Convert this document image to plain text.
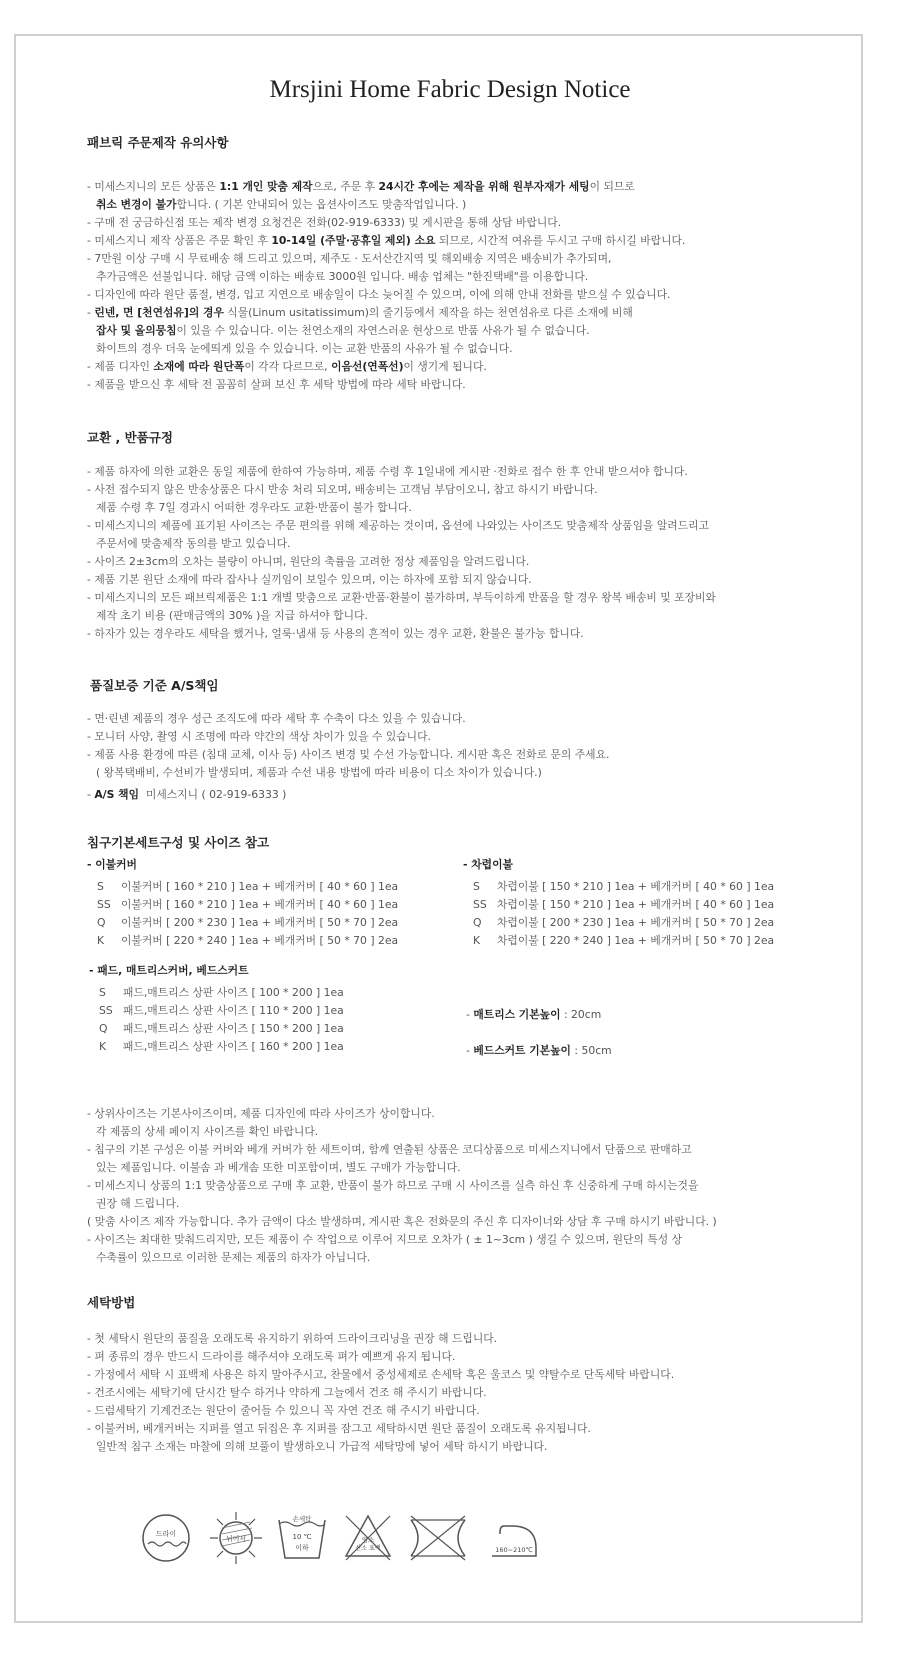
Mrsjini Home Fabric Design Notice
패브릭 주문제작 유의사항
- 미세스지니의 모든 상품은 1:1 개인 맞춤 제작으로, 주문 후 24시간 후에는 제작을 위해 원부자재가 세팅이 되므로
취소 변경이 불가합니다. ( 기본 안내되어 있는 옵션사이즈도 맞춤작업입니다. )
- 구매 전 궁금하신점 또는 제작 변경 요청건은 전화(02-919-6333) 및 게시판을 통해 상담 바랍니다.
- 미세스지니 제작 상품은 주문 확인 후 10-14일 (주말·공휴일 제외) 소요 되므로, 시간적 여유를 두시고 구매 하시길 바랍니다.
- 7만원 이상 구매 시 무료배송 해 드리고 있으며, 제주도 · 도서산간지역 및 해외배송 지역은 배송비가 추가되며,
추가금액은 선불입니다. 해당 금액 이하는 배송료 3000원 입니다. 배송 업체는 "한진택배"를 이용합니다.
- 디자인에 따라 원단 품절, 변경, 입고 지연으로 배송일이 다소 늦어질 수 있으며, 이에 의해 안내 전화를 받으실 수 있습니다.
- 린넨, 면 [천연섬유]의 경우 식물(Linum usitatissimum)의 줄기등에서 제작을 하는 천연섬유로 다른 소재에 비해
잡사 및 올의뭉침이 있을 수 있습니다. 이는 천연소재의 자연스러운 현상으로 반품 사유가 될 수 없습니다.
화이트의 경우 더욱 눈에띄게 있을 수 있습니다. 이는 교환 반품의 사유가 될 수 없습니다.
- 제품 디자인 소재에 따라 원단폭이 각각 다르므로, 이음선(연폭선)이 생기게 됩니다.
- 제품을 받으신 후 세탁 전 꼼꼼히 살펴 보신 후 세탁 방법에 따라 세탁 바랍니다.
교환 , 반품규정
- 제품 하자에 의한 교환은 동일 제품에 한하여 가능하며, 제품 수령 후 1일내에 게시판 ·전화로 접수 한 후 안내 받으셔야 합니다.
- 사전 접수되지 않은 반송상품은 다시 반송 처리 되오며, 배송비는 고객님 부담이오니, 참고 하시기 바랍니다.
제품 수령 후 7일 경과시 어떠한 경우라도 교환·반품이 불가 합니다.
- 미세스지니의 제품에 표기된 사이즈는 주문 편의를 위해 제공하는 것이며, 옵션에 나와있는 사이즈도 맞춤제작 상품임을 알려드리고
주문서에 맞춤제작 동의를 받고 있습니다.
- 사이즈 2±3cm의 오차는 불량이 아니며, 원단의 축률을 고려한 정상 제품임을 알려드립니다.
- 제품 기본 원단 소재에 따라 잡사나 실끼임이 보일수 있으며, 이는 하자에 포함 되지 않습니다.
- 미세스지니의 모든 패브릭제품은 1:1 개별 맞춤으로 교환·반품·환불이 불가하며, 부득이하게 반품을 할 경우 왕복 배송비 및 포장비와
제작 초기 비용 (판매금액의 30% )을 지급 하셔야 합니다.
- 하자가 있는 경우라도 세탁을 했거나, 얼룩·냄새 등 사용의 흔적이 있는 경우 교환, 환불은 불가능 합니다.
품질보증 기준 A/S책임
- 면·린넨 제품의 경우 성근 조직도에 따라 세탁 후 수축이 다소 있을 수 있습니다.
- 모니터 사양, 촬영 시 조명에 따라 약간의 색상 차이가 있을 수 있습니다.
- 제품 사용 환경에 따른 (침대 교체, 이사 등) 사이즈 변경 및 수선 가능합니다. 게시판 혹은 전화로 문의 주세요.
( 왕복택배비, 수선비가 발생되며, 제품과 수선 내용 방법에 따라 비용이 디소 차이가 있습니다.)
- A/S 책임 미세스지니 ( 02-919-6333 )
침구기본세트구성 및 사이즈 참고
- 이불커버
S 이불커버 [ 160 * 210 ] 1ea + 베개커버 [ 40 * 60 ] 1ea
SS 이불커버 [ 160 * 210 ] 1ea + 베개커버 [ 40 * 60 ] 1ea
Q 이불커버 [ 200 * 230 ] 1ea + 베개커버 [ 50 * 70 ] 2ea
K 이불커버 [ 220 * 240 ] 1ea + 베개커버 [ 50 * 70 ] 2ea
- 차렵이불
S 차렵이불 [ 150 * 210 ] 1ea + 베개커버 [ 40 * 60 ] 1ea
SS 차렵이불 [ 150 * 210 ] 1ea + 베개커버 [ 40 * 60 ] 1ea
Q 차렵이불 [ 200 * 230 ] 1ea + 베개커버 [ 50 * 70 ] 2ea
K 차렵이불 [ 220 * 240 ] 1ea + 베개커버 [ 50 * 70 ] 2ea
- 패드, 매트리스커버, 베드스커트
S 패드,매트리스 상판 사이즈 [ 100 * 200 ] 1ea
SS 패드,매트리스 상판 사이즈 [ 110 * 200 ] 1ea
Q 패드,매트리스 상판 사이즈 [ 150 * 200 ] 1ea
K 패드,매트리스 상판 사이즈 [ 160 * 200 ] 1ea
- 매트리스 기본높이 : 20cm
- 베드스커트 기본높이 : 50cm
- 상위사이즈는 기본사이즈이며, 제품 디자인에 따라 사이즈가 상이합니다.
각 제품의 상세 페이지 사이즈를 확인 바랍니다.
- 침구의 기본 구성은 이불 커버와 베개 커버가 한 세트이며, 함께 연출된 상품은 코디상품으로 미세스지니에서 단품으로 판매하고
있는 제품입니다. 이불솜 과 베개솜 또한 미포함이며, 별도 구매가 가능합니다.
- 미세스지니 상품의 1:1 맞춤상품으로 구매 후 교환, 반품이 불가 하므로 구매 시 사이즈를 실측 하신 후 신중하게 구매 하시는것을
권장 해 드립니다.
( 맞춤 사이즈 제작 가능합니다. 추가 금액이 다소 발생하며, 게시판 혹은 전화문의 주신 후 디자이너와 상담 후 구매 하시기 바랍니다. )
- 사이즈는 최대한 맞춰드리지만, 모든 제품이 수 작업으로 이루어 지므로 오차가 ( ± 1~3cm ) 생길 수 있으며, 원단의 특성 상
수축률이 있으므로 이러한 문제는 제품의 하자가 아닙니다.
세탁방법
- 첫 세탁시 원단의 품질을 오래도록 유지하기 위하여 드라이크리닝을 권장 해 드립니다.
- 펴 종류의 경우 반드시 드라이를 해주셔야 오래도록 펴가 예쁘게 유지 됩니다.
- 가정에서 세탁 시 표백제 사용은 하지 말아주시고, 찬물에서 중성세제로 손세탁 혹은 울코스 및 약탈수로 단독세탁 바랍니다.
- 건조시에는 세탁기에 단시간 탈수 하거나 약하게 그늘에서 건조 해 주시기 바랍니다.
- 드럼세탁기 기계건조는 원단이 줄어들 수 있으니 꼭 자연 건조 해 주시기 바랍니다.
- 이불커버, 베개커버는 지퍼를 열고 뒤집은 후 지퍼를 잠그고 세탁하시면 원단 품질이 오래도록 유지됩니다.
일반적 침구 소재는 마찰에 의해 보풀이 발생하오니 가급적 세탁망에 넣어 세탁 하시기 바랍니다.
드라이
뉘어서
손세탁
10 ℃
이하
염소
산소 표백	160~210℃
